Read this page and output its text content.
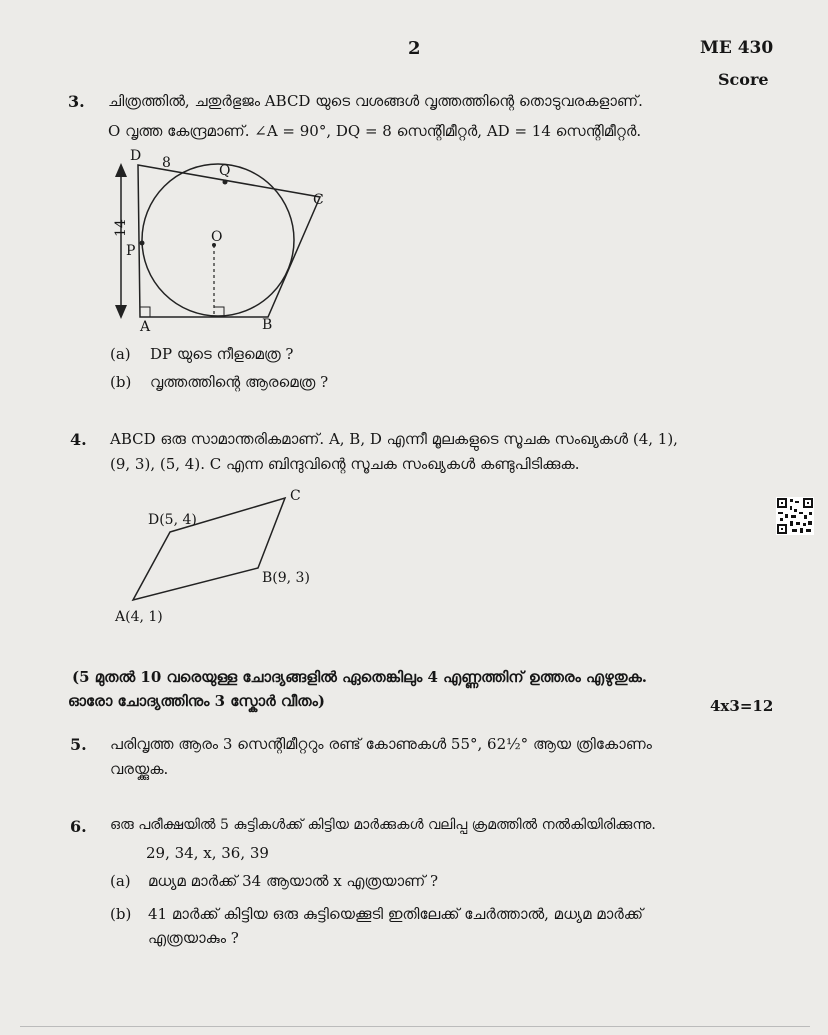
2	ME 430
Score
3. ചിത്രത്തിൽ, ചതുർഭുജം ABCD യുടെ വശങ്ങൾ വൃത്തത്തിന്റെ തൊടുവരകളാണ്.
O വൃത്ത കേന്ദ്രമാണ്. ∠A = 90°, DQ = 8 സെന്റിമീറ്റർ, AD = 14 സെന്റിമീറ്റർ.
D 8	Q
C
14
P
O
A	B
(a) DP യുടെ നീളമെത്ര ?
(b) വൃത്തത്തിന്റെ ആരമെത്ര ?
4. ABCD ഒരു സാമാന്തരികമാണ്. A, B, D എന്നീ മൂലകളുടെ സൂചക സംഖ്യകൾ (4, 1),
(9, 3), (5, 4). C എന്ന ബിന്ദുവിന്റെ സൂചക സംഖ്യകൾ കണ്ടുപിടിക്കുക.
D(5, 4)
C
B(9, 3)
A(4, 1)
(5 മുതൽ 10 വരെയുള്ള ചോദ്യങ്ങളിൽ ഏതെങ്കിലും 4 എണ്ണത്തിന് ഉത്തരം എഴുതുക.
ഓരോ ചോദ്യത്തിനും 3 സ്കോർ വീതം)	4x3=12
5. പരിവൃത്ത ആരം 3 സെന്റിമീറ്ററും രണ്ട് കോണുകൾ 55°, 62½° ആയ ത്രികോണം
വരയ്ക്കുക.
6. ഒരു പരീക്ഷയിൽ 5 കുട്ടികൾക്ക് കിട്ടിയ മാർക്കുകൾ വലിപ്പ ക്രമത്തിൽ നൽകിയിരിക്കുന്നു.
29, 34, x, 36, 39
(a) മധ്യമ മാർക്ക് 34 ആയാൽ x എത്രയാണ് ?
(b) 41 മാർക്ക് കിട്ടിയ ഒരു കുട്ടിയെക്കൂടി ഇതിലേക്ക് ചേർത്താൽ, മധ്യമ മാർക്ക്
എത്രയാകും ?
